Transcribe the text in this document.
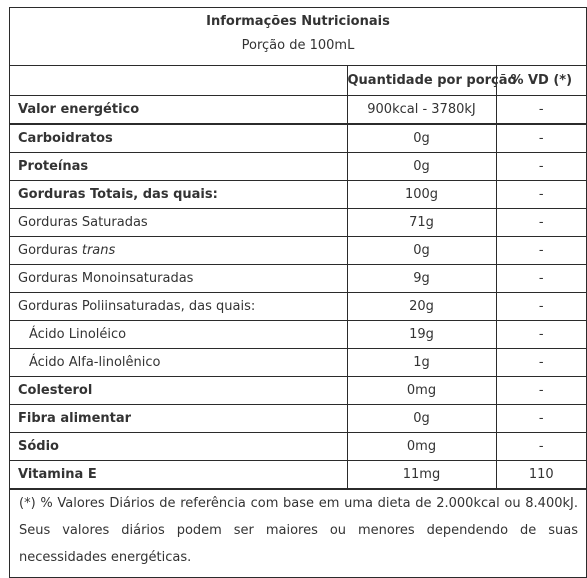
Informações Nutricionais
Porção de 100mL
	Quantidade por porção	% VD (*)
Valor energético	900kcal - 3780kJ	-
Carboidratos	0g	-
Proteínas	0g	-
Gorduras Totais, das quais:	100g	-
Gorduras Saturadas	71g	-
Gorduras trans	0g	-
Gorduras Monoinsaturadas	9g	-
Gorduras Poliinsaturadas, das quais:	20g	-
Ácido Linoléico	19g	-
Ácido Alfa-linolênico	1g	-
Colesterol	0mg	-
Fibra alimentar	0g	-
Sódio	0mg	-
Vitamina E	11mg	110
(*) % Valores Diários de referência com base em uma dieta de 2.000kcal ou 8.400kJ. Seus valores diários podem ser maiores ou menores dependendo de suas necessidades energéticas.
